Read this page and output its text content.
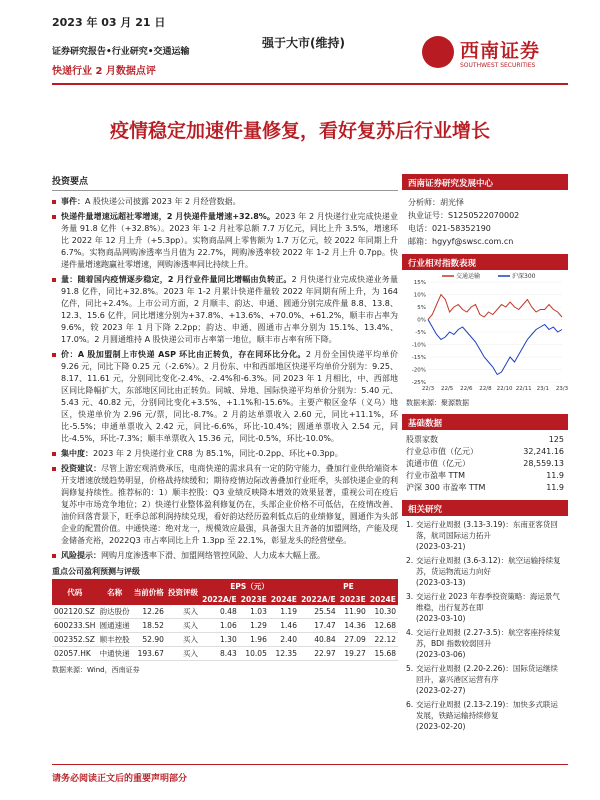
2023 年 03 月 21 日
证券研究报告•行业研究•交通运输
快递行业 2 月数据点评
强于大市(维持)	西南证券
SOUTHWEST SECURITIES
疫情稳定加速件量修复，看好复苏后行业增长
投资要点
事件：A 股快递公司披露 2023 年 2 月经营数据。
快递件量增速远超社零增速，2 月快递件量增速+32.8%。2023 年 2 月快递行业完成快递业务量 91.8 亿件（+32.8%）。2023 年 1-2 月社零总额 7.7 万亿元，同比上升 3.5%，增速环比 2022 年 12 月上升（+5.3pp）。实物商品网上零售额为 1.7 万亿元，较 2022 年同期上升 6.7%。实物商品网购渗透率当月值为 22.7%，网购渗透率较 2022 年 1-2 月上升 0.7pp。快递件量增速跑赢社零增速，网购渗透率同比持续上升。
量：随着国内疫情逐步稳定，2 月行业件量同比增幅由负转正。2 月快递行业完成快递业务量 91.8 亿件，同比+32.8%。2023 年 1-2 月累计快递件量较 2022 年同期有所上升，为 164 亿件，同比+2.4%。上市公司方面，2 月顺丰、韵达、申通、圆通分别完成件量 8.8、13.8、12.3、15.6 亿件，同比增速分别为+37.8%、+13.6%、+70.0%、+61.2%，顺丰市占率为 9.6%，较 2023 年 1 月下降 2.2pp；韵达、申通、圆通市占率分别为 15.1%、13.4%、17.0%。2 月圆通维持 A 股快递公司市占率第一地位，顺丰市占率有所下降。
价：A 股加盟制上市快递 ASP 环比由正转负，存在同环比分化。2 月份全国快递平均单价 9.26 元，同比下降 0.25 元（-2.6%）。2 月份东、中和西部地区快递平均单价分别为：9.25、8.17、11.61 元，分别同比变化-2.4%、-2.4%和-6.3%。同 2023 年 1 月相比，中、西部地区同比降幅扩大，东部地区同比由正转负。同城、异地、国际快递平均单价分别为：5.40 元、5.43 元、40.82 元，分别同比变化+3.5%、+1.1%和-15.6%。主要产粮区金华（义乌）地区，快递单价为 2.96 元/票，同比-8.7%。2 月韵达单票收入 2.60 元，同比+11.1%，环比-5.5%；申通单票收入 2.42 元，同比-6.6%，环比-10.4%；圆通单票收入 2.54 元，同比-4.5%，环比-7.3%；顺丰单票收入 15.36 元，同比-0.5%，环比-10.0%。
集中度：2023 年 2 月快递行业 CR8 为 85.1%，同比-0.2pp、环比+0.3pp。
投资建议：尽管上游宏观消费承压，电商快递的需求具有一定的防守能力，叠加行业供给端资本开支增速放缓趋势明显，价格战持续缓和；期待疫情边际改善叠加行业旺季，头部快递企业的利润修复持续性。推荐标的：1）顺丰控股：Q3 业绩反映降本增效的效果显著，重视公司在疫后复苏中市场竞争地位；2）快递行业整体盈利修复仍在，头部企业价格不可低估，在疫情改善、油价回落背景下，旺季总部利润持续兑现，看好韵达经历盈利低点后的业绩修复，圆通作为头部企业的配置价值。中通快递：绝对龙一，规模效应最强，具备强大且齐备的加盟网络，产能及现金储备充裕，2022Q3 市占率同比上升 1.3pp 至 22.1%，彰显龙头的经营壁垒。
风险提示：网购月度渗透率下滑、加盟网络管控风险、人力成本大幅上涨。
重点公司盈利预测与评级
代码	名称	当前价格	投资评级	EPS（元）			PE		
				2022A/E	2023E	2024E	2022A/E	2023E	2024E
002120.SZ	韵达股份	12.26	买入	0.48	1.03	1.19	25.54	11.90	10.30
600233.SH	圆通速递	18.52	买入	1.06	1.29	1.46	17.47	14.36	12.68
002352.SZ	顺丰控股	52.90	买入	1.30	1.96	2.40	40.84	27.09	22.12
02057.HK	中通快递	193.67	买入	8.43	10.05	12.35	22.97	19.27	15.68
数据来源：Wind，西南证券
西南证券研究发展中心
分析师：胡光怿
执业证号：S1250522070002
电话：021-58352190
邮箱：hgyyf@swsc.com.cn
行业相对指数表现
15%
10%
5%
0%
-5%
-10%
-15%
-20%
-25%
22/3 22/5 22/6 22/8 22/10 22/11 23/1 23/3
交通运输	沪深300
数据来源：聚源数据
基础数据
股票家数	125
行业总市值（亿元）	32,241.16
流通市值（亿元）	28,559.13
行业市盈率 TTM	11.9
沪深 300 市盈率 TTM	11.9
相关研究
1. 交运行业周报 (3.13-3.19)：东南亚客货回落，航司国际运力拓升
(2023-03-21)
2. 交运行业周报 (3.6-3.12)：航空运输持续复苏，货运物流运力向好
(2023-03-13)
3. 交运行业 2023 年春季投资策略：海运景气维稳，出行复苏在即
(2023-03-10)
4. 交运行业周报 (2.27-3.5)：航空客座持续复苏，BDI 指数较弱回升
(2023-03-06)
5. 交运行业周报 (2.20-2.26)：国际货运继续回升，嘉兴港区运营有序
(2023-02-27)
6. 交运行业周报 (2.13-2.19)：加快多式联运发展，铁路运输持续修复
(2023-02-20)
请务必阅读正文后的重要声明部分
